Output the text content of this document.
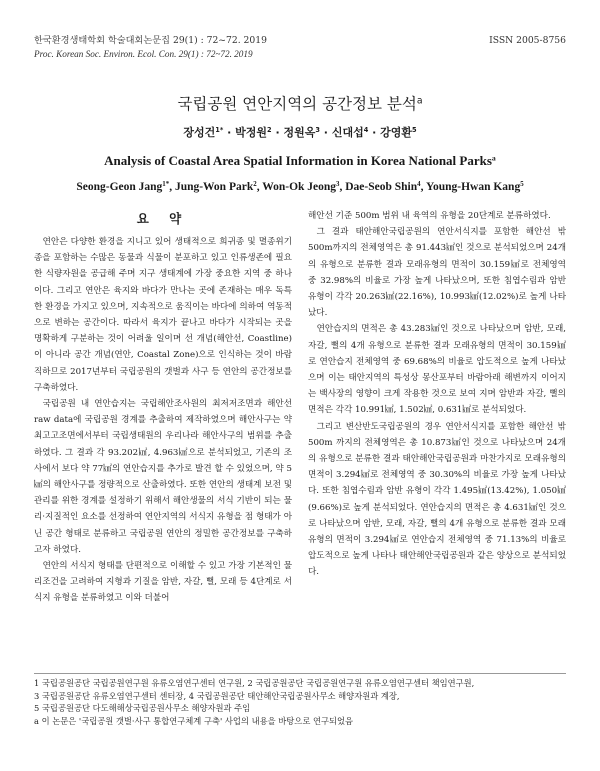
한국환경생태학회 학술대회논문집 29(1) : 72~72. 2019	ISSN 2005-8756
Proc. Korean Soc. Environ. Ecol. Con. 29(1) : 72~72. 2019
국립공원 연안지역의 공간정보 분석$^a$
장성건$^{1*}$ · 박정원$^2$ · 정원옥$^3$ · 신대섭$^4$ · 강영환$^5$
Analysis of Coastal Area Spatial Information in Korea National Parks$^a$
Seong-Geon Jang$^{1*}$, Jung-Won Park$^2$, Won-Ok Jeong$^3$, Dae-Seob Shin$^4$, Young-Hwan Kang$^5$
요 약

연안은 다양한 환경을 지니고 있어 생태적으로 희귀종 및 멸종위기종을 포함하는 수많은 동물과 식물이 분포하고 있고 인류생존에 필요한 식량자원을 공급해 주며 지구 생태계에 가장 중요한 지역 중 하나이다. 그리고 연안은 육지와 바다가 만나는 곳에 존재하는 매우 독특한 환경을 가지고 있으며, 지속적으로 움직이는 바다에 의하여 역동적으로 변하는 공간이다. 따라서 육지가 끝나고 바다가 시작되는 곳을 명확하게 구분하는 것이 어려울 일이며 선 개념(해안선, Coastline)이 아니라 공간 개념(연안, Coastal Zone)으로 인식하는 것이 바람직하므로 2017년부터 국립공원의 갯벌과 사구 등 연안의 공간정보를 구축하였다.

국립공원 내 연안습지는 국립해안조사원의 최저저조면과 해안선 raw data에 국립공원 경계를 추출하여 제작하였으며 해안사구는 약최고고조면에서부터 국립생태원의 우리나라 해안사구의 범위를 추출하였다. 그 결과 각 93.202㎢, 4.963㎢으로 분석되었고, 기존의 조사에서 보다 약 77㎢의 연안습지를 추가로 발견 할 수 있었으며, 약 5㎢의 해안사구를 정량적으로 산출하였다. 또한 연안의 생태계 보전 및 관리를 위한 경계를 설정하기 위해서 해안생물의 서식 기반이 되는 물리·지질적인 요소를 선정하여 연안지역의 서식지 유형을 점 형태가 아닌 공간 형태로 분류하고 국립공원 연안의 정밀한 공간정보를 구축하고자 하였다.

연안의 서식지 형태를 단편적으로 이해할 수 있고 가장 기본적인 물리조건을 고려하여 지형과 기질을 암반, 자갈, 뻘, 모래 등 4단계로 서식지 유형을 분류하였고 이와 더불어

해안선 기준 500m 범위 내 육역의 유형을 20단계로 분류하였다.

그 결과 태안해안국립공원의 연안서식지를 포함한 해안선 밖 500m까지의 전체영역은 총 91.443㎢인 것으로 분석되었으며 24개의 유형으로 분류한 결과 모래유형의 면적이 30.159㎢로 전체영역 중 32.98%의 비율로 가장 높게 나타났으며, 또한 침엽수림과 암반 유형이 각각 20.263㎢(22.16%), 10.993㎢(12.02%)로 높게 나타났다.

연안습지의 면적은 총 43.283㎢인 것으로 나타났으며 암반, 모래, 자갈, 뻘의 4개 유형으로 분류한 결과 모래유형의 면적이 30.159㎢로 연안습지 전체영역 중 69.68%의 비율로 압도적으로 높게 나타났으며 이는 태안지역의 특성상 몽산포부터 바람아래 해변까지 이어지는 백사장의 영향이 크게 작용한 것으로 보여 지며 암반과 자갈, 뻘의 면적은 각각 10.991㎢, 1.502㎢, 0.631㎢로 분석되었다.

그리고 변산반도국립공원의 경우 연안서식지를 포함한 해안선 밖 500m 까지의 전체영역은 총 10.873㎢인 것으로 나타났으며 24개의 유형으로 분류한 결과 태안해안국립공원과 마찬가지로 모래유형의 면적이 3.294㎢로 전체영역 중 30.30%의 비율로 가장 높게 나타났다. 또한 침엽수림과 암반 유형이 각각 1.495㎢(13.42%), 1.050㎢(9.66%)로 높게 분석되었다. 연안습지의 면적은 총 4.631㎢인 것으로 나타났으며 암반, 모래, 자갈, 뻘의 4개 유형으로 분류한 결과 모래유형의 면적이 3.294㎢로 연안습지 전체영역 중 71.13%의 비율로 압도적으로 높게 나타나 태안해안국립공원과 같은 양상으로 분석되었다.

1 국립공원공단 국립공원연구원 유류오염연구센터 연구원, 2 국립공원공단 국립공원연구원 유류오염연구센터 책임연구원,
3 국립공원공단 유류오염연구센터 센터장, 4 국립공원공단 태안해안국립공원사무소 해양자원과 계장,
5 국립공원공단 다도해해상국립공원사무소 해양자원과 주임
a 이 논문은 '국립공원 갯벌·사구 통합연구체계 구축' 사업의 내용을 바탕으로 연구되었음
